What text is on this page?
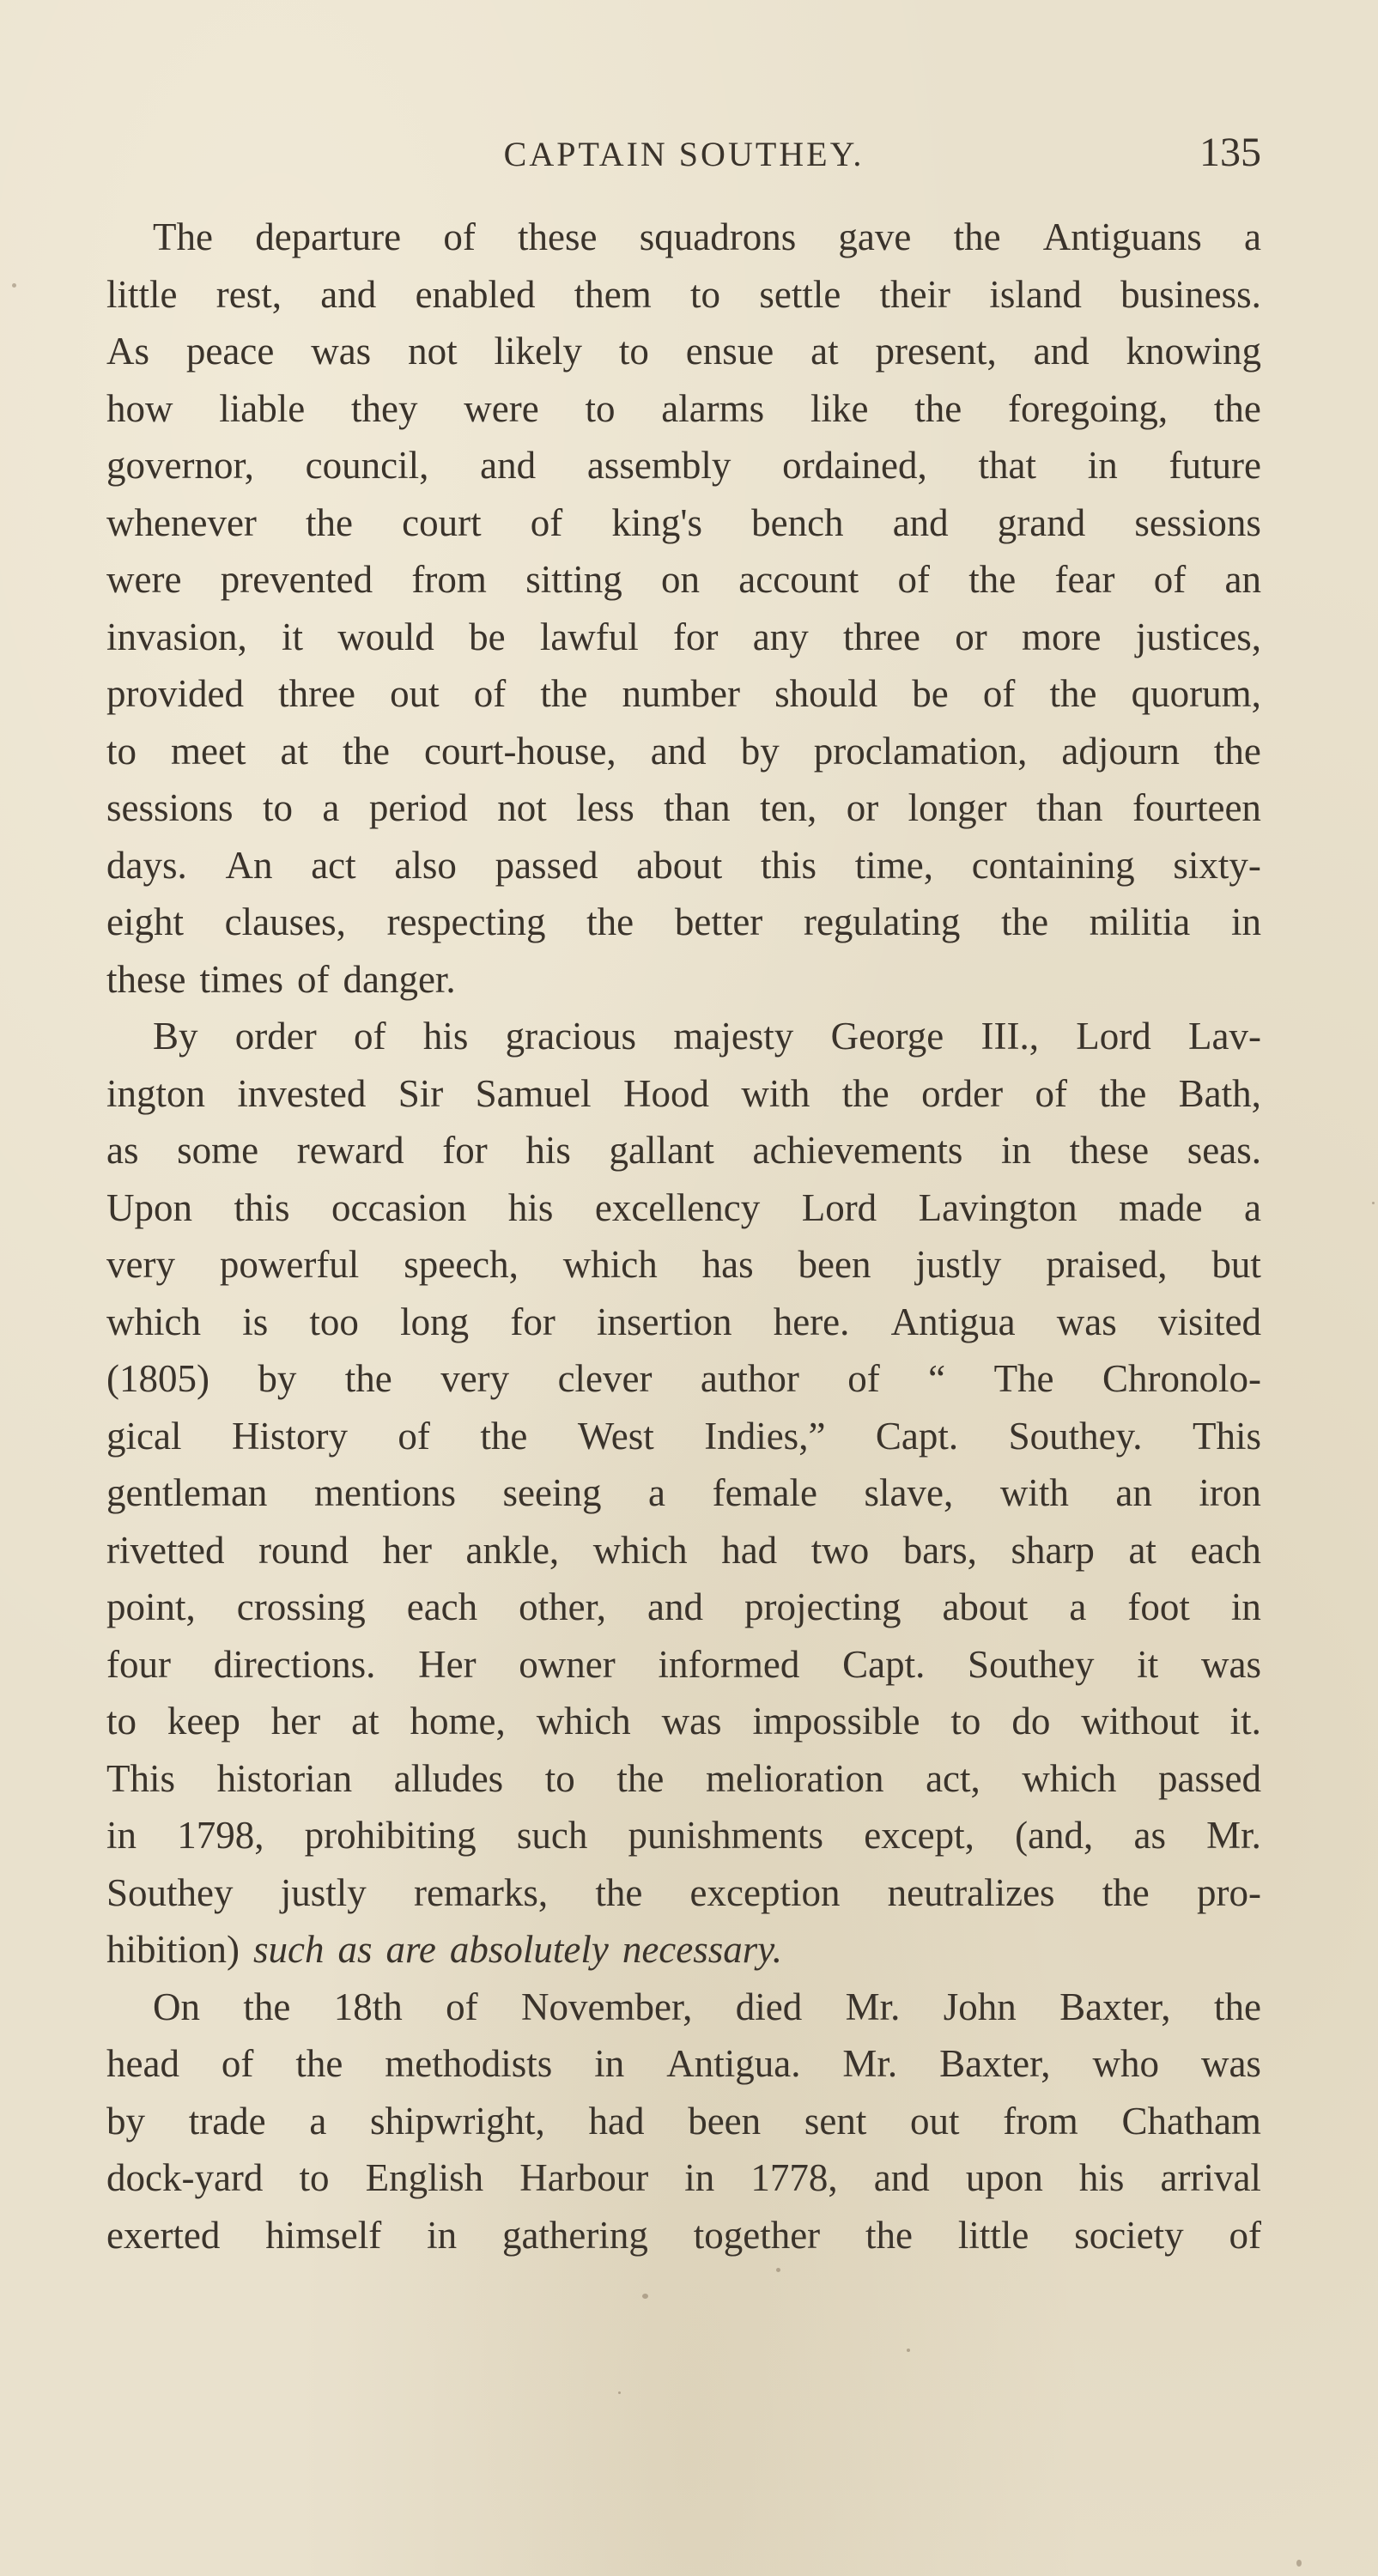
CAPTAIN SOUTHEY.	135
The departure of these squadrons gave the Antiguans a
little rest, and enabled them to settle their island business.
As peace was not likely to ensue at present, and knowing
how liable they were to alarms like the foregoing, the
governor, council, and assembly ordained, that in future
whenever the court of king's bench and grand sessions
were prevented from sitting on account of the fear of an
invasion, it would be lawful for any three or more justices,
provided three out of the number should be of the quorum,
to meet at the court-house, and by proclamation, adjourn the
sessions to a period not less than ten, or longer than fourteen
days. An act also passed about this time, containing sixty-
eight clauses, respecting the better regulating the militia in
these times of danger.
By order of his gracious majesty George III., Lord Lav-
ington invested Sir Samuel Hood with the order of the Bath,
as some reward for his gallant achievements in these seas.
Upon this occasion his excellency Lord Lavington made a
very powerful speech, which has been justly praised, but
which is too long for insertion here. Antigua was visited
(1805) by the very clever author of “ The Chronolo-
gical History of the West Indies,” Capt. Southey. This
gentleman mentions seeing a female slave, with an iron
rivetted round her ankle, which had two bars, sharp at each
point, crossing each other, and projecting about a foot in
four directions. Her owner informed Capt. Southey it was
to keep her at home, which was impossible to do without it.
This historian alludes to the melioration act, which passed
in 1798, prohibiting such punishments except, (and, as Mr.
Southey justly remarks, the exception neutralizes the pro-
hibition) such as are absolutely necessary.
On the 18th of November, died Mr. John Baxter, the
head of the methodists in Antigua. Mr. Baxter, who was
by trade a shipwright, had been sent out from Chatham
dock-yard to English Harbour in 1778, and upon his arrival
exerted himself in gathering together the little society of
